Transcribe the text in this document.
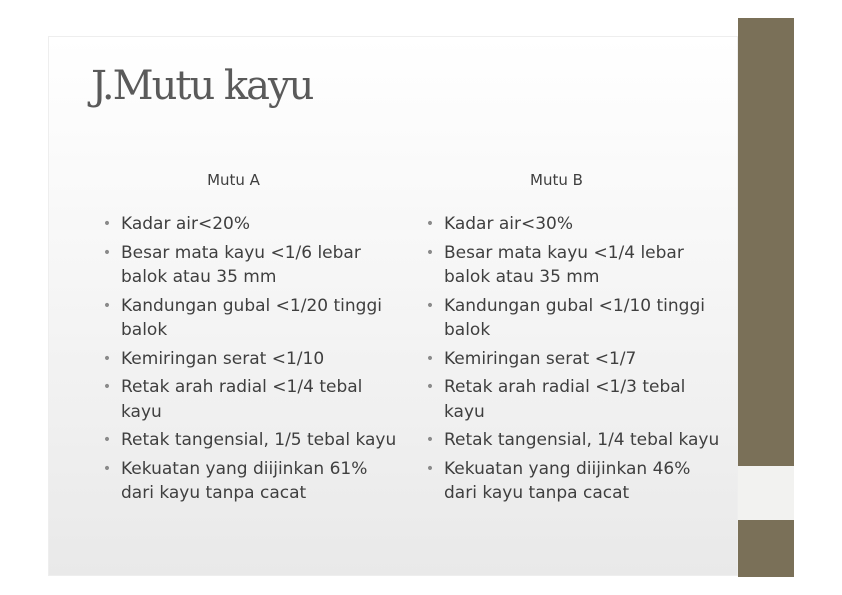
J.Mutu kayu
Mutu A
• Kadar air<20%
• Besar mata kayu <1/6 lebar balok atau 35 mm
• Kandungan gubal <1/20 tinggi balok
• Kemiringan serat <1/10
• Retak arah radial <1/4 tebal kayu
• Retak tangensial, 1/5 tebal kayu
• Kekuatan yang diijinkan 61% dari kayu tanpa cacat
Mutu B
• Kadar air<30%
• Besar mata kayu <1/4 lebar balok atau 35 mm
• Kandungan gubal <1/10 tinggi balok
• Kemiringan serat <1/7
• Retak arah radial <1/3 tebal kayu
• Retak tangensial, 1/4 tebal kayu
• Kekuatan yang diijinkan 46% dari kayu tanpa cacat
